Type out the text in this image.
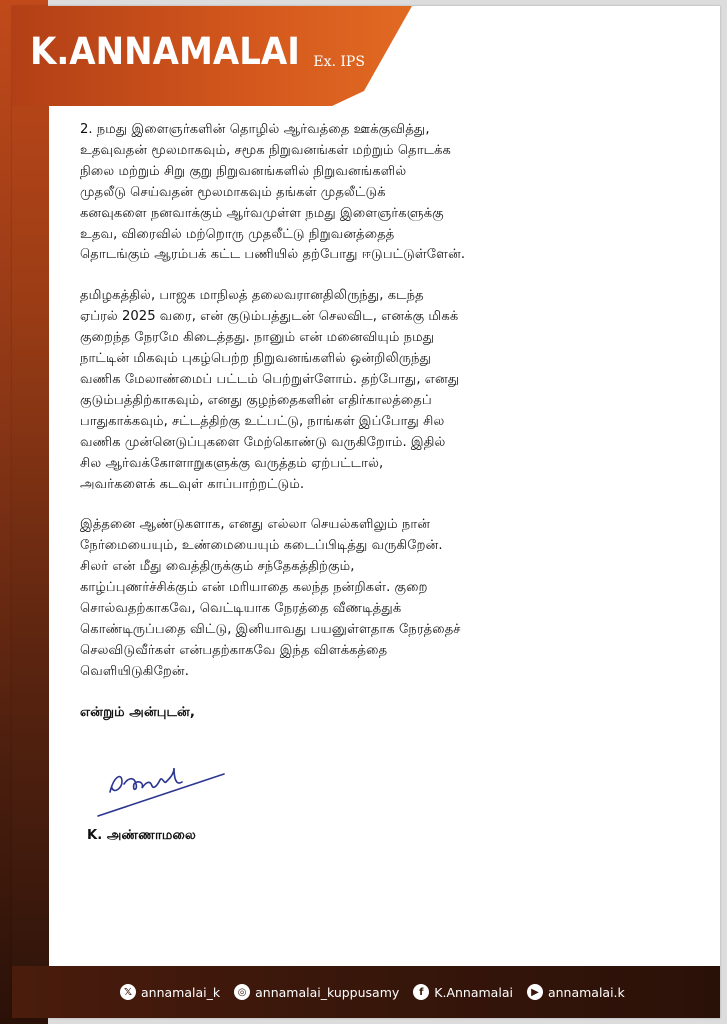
K.ANNAMALAI Ex. IPS

2. நமது இளைஞர்களின் தொழில் ஆர்வத்தை ஊக்குவித்து,
உதவுவதன் மூலமாகவும், சமூக நிறுவனங்கள் மற்றும் தொடக்க
நிலை மற்றும் சிறு குறு நிறுவனங்களில் நிறுவனங்களில்
முதலீடு செய்வதன் மூலமாகவும் தங்கள் முதலீட்டுக்
கனவுகளை நனவாக்கும் ஆர்வமுள்ள நமது இளைஞர்களுக்கு
உதவ, விரைவில் மற்றொரு முதலீட்டு நிறுவனத்தைத்
தொடங்கும் ஆரம்பக் கட்ட பணியில் தற்போது ஈடுபட்டுள்ளேன்.

தமிழகத்தில், பாஜக மாநிலத் தலைவரானதிலிருந்து, கடந்த
ஏப்ரல் 2025 வரை, என் குடும்பத்துடன் செலவிட, எனக்கு மிகக்
குறைந்த நேரமே கிடைத்தது. நானும் என் மனைவியும் நமது
நாட்டின் மிகவும் புகழ்பெற்ற நிறுவனங்களில் ஒன்றிலிருந்து
வணிக மேலாண்மைப் பட்டம் பெற்றுள்ளோம். தற்போது, எனது
குடும்பத்திற்காகவும், எனது குழந்தைகளின் எதிர்காலத்தைப்
பாதுகாக்கவும், சட்டத்திற்கு உட்பட்டு, நாங்கள் இப்போது சில
வணிக முன்னெடுப்புகளை மேற்கொண்டு வருகிறோம். இதில்
சில ஆர்வக்கோளாறுகளுக்கு வருத்தம் ஏற்பட்டால்,
அவர்களைக் கடவுள் காப்பாற்றட்டும்.

இத்தனை ஆண்டுகளாக, எனது எல்லா செயல்களிலும் நான்
நேர்மையையும், உண்மையையும் கடைப்பிடித்து வருகிறேன்.
சிலர் என் மீது வைத்திருக்கும் சந்தேகத்திற்கும்,
காழ்ப்புணர்ச்சிக்கும் என் மரியாதை கலந்த நன்றிகள். குறை
சொல்வதற்காகவே, வெட்டியாக நேரத்தை வீணடித்துக்
கொண்டிருப்பதை விட்டு, இனியாவது பயனுள்ளதாக நேரத்தைச்
செலவிடுவீர்கள் என்பதற்காகவே இந்த விளக்கத்தை
வெளியிடுகிறேன்.

என்றும் அன்புடன்,
K. அண்ணாமலை
𝕏 annamalai_k	◎ annamalai_kuppusamy	f K.Annamalai	▶ annamalai.k
